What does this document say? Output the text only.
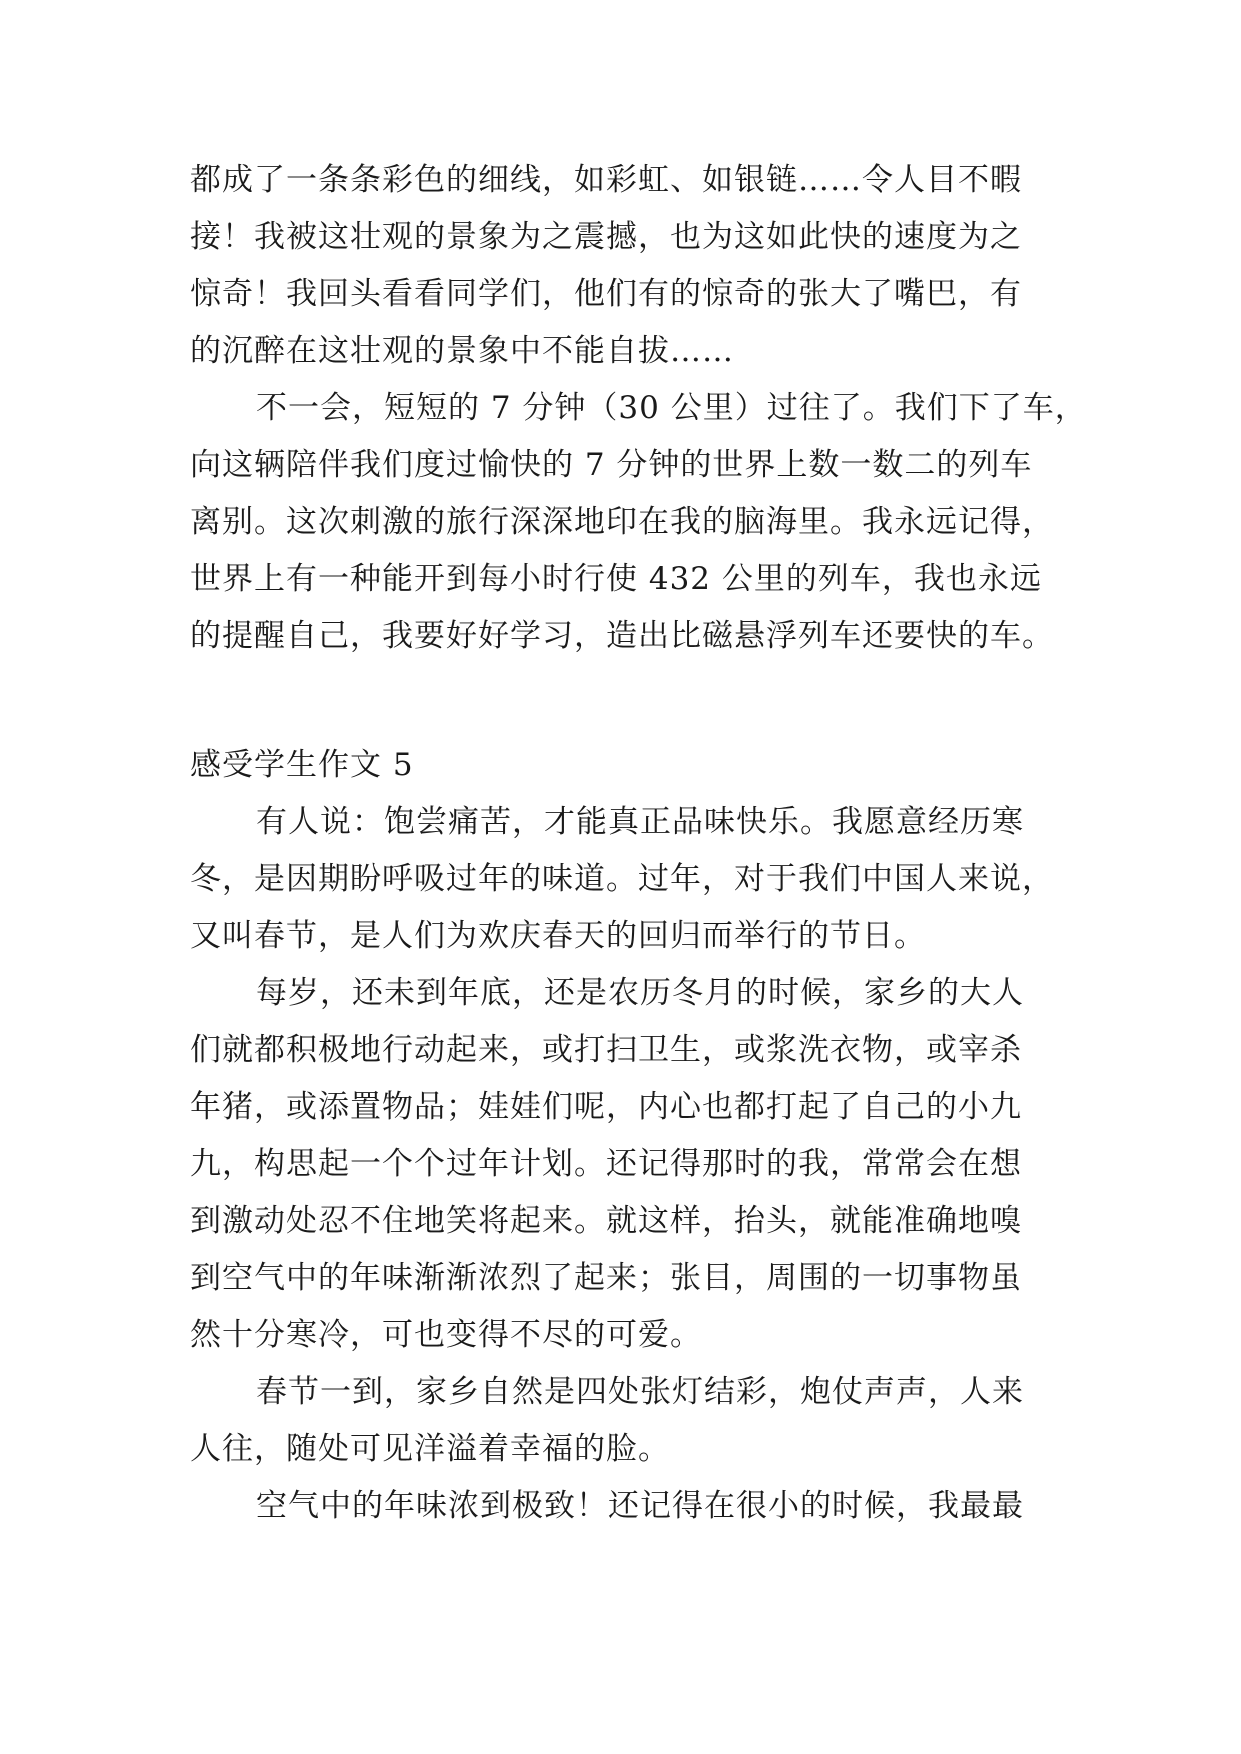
都成了一条条彩色的细线，如彩虹、如银链……令人目不暇
接！我被这壮观的景象为之震撼，也为这如此快的速度为之
惊奇！我回头看看同学们，他们有的惊奇的张大了嘴巴，有
的沉醉在这壮观的景象中不能自拔……
不一会，短短的 7 分钟（30 公里）过往了。我们下了车，
向这辆陪伴我们度过愉快的 7 分钟的世界上数一数二的列车
离别。这次刺激的旅行深深地印在我的脑海里。我永远记得，
世界上有一种能开到每小时行使 432 公里的列车，我也永远
的提醒自己，我要好好学习，造出比磁悬浮列车还要快的车。
感受学生作文 5
有人说：饱尝痛苦，才能真正品味快乐。我愿意经历寒
冬，是因期盼呼吸过年的味道。过年，对于我们中国人来说，
又叫春节，是人们为欢庆春天的回归而举行的节日。
每岁，还未到年底，还是农历冬月的时候，家乡的大人
们就都积极地行动起来，或打扫卫生，或浆洗衣物，或宰杀
年猪，或添置物品；娃娃们呢，内心也都打起了自己的小九
九，构思起一个个过年计划。还记得那时的我，常常会在想
到激动处忍不住地笑将起来。就这样，抬头，就能准确地嗅
到空气中的年味渐渐浓烈了起来；张目，周围的一切事物虽
然十分寒冷，可也变得不尽的可爱。
春节一到，家乡自然是四处张灯结彩，炮仗声声，人来
人往，随处可见洋溢着幸福的脸。
空气中的年味浓到极致！还记得在很小的时候，我最最
